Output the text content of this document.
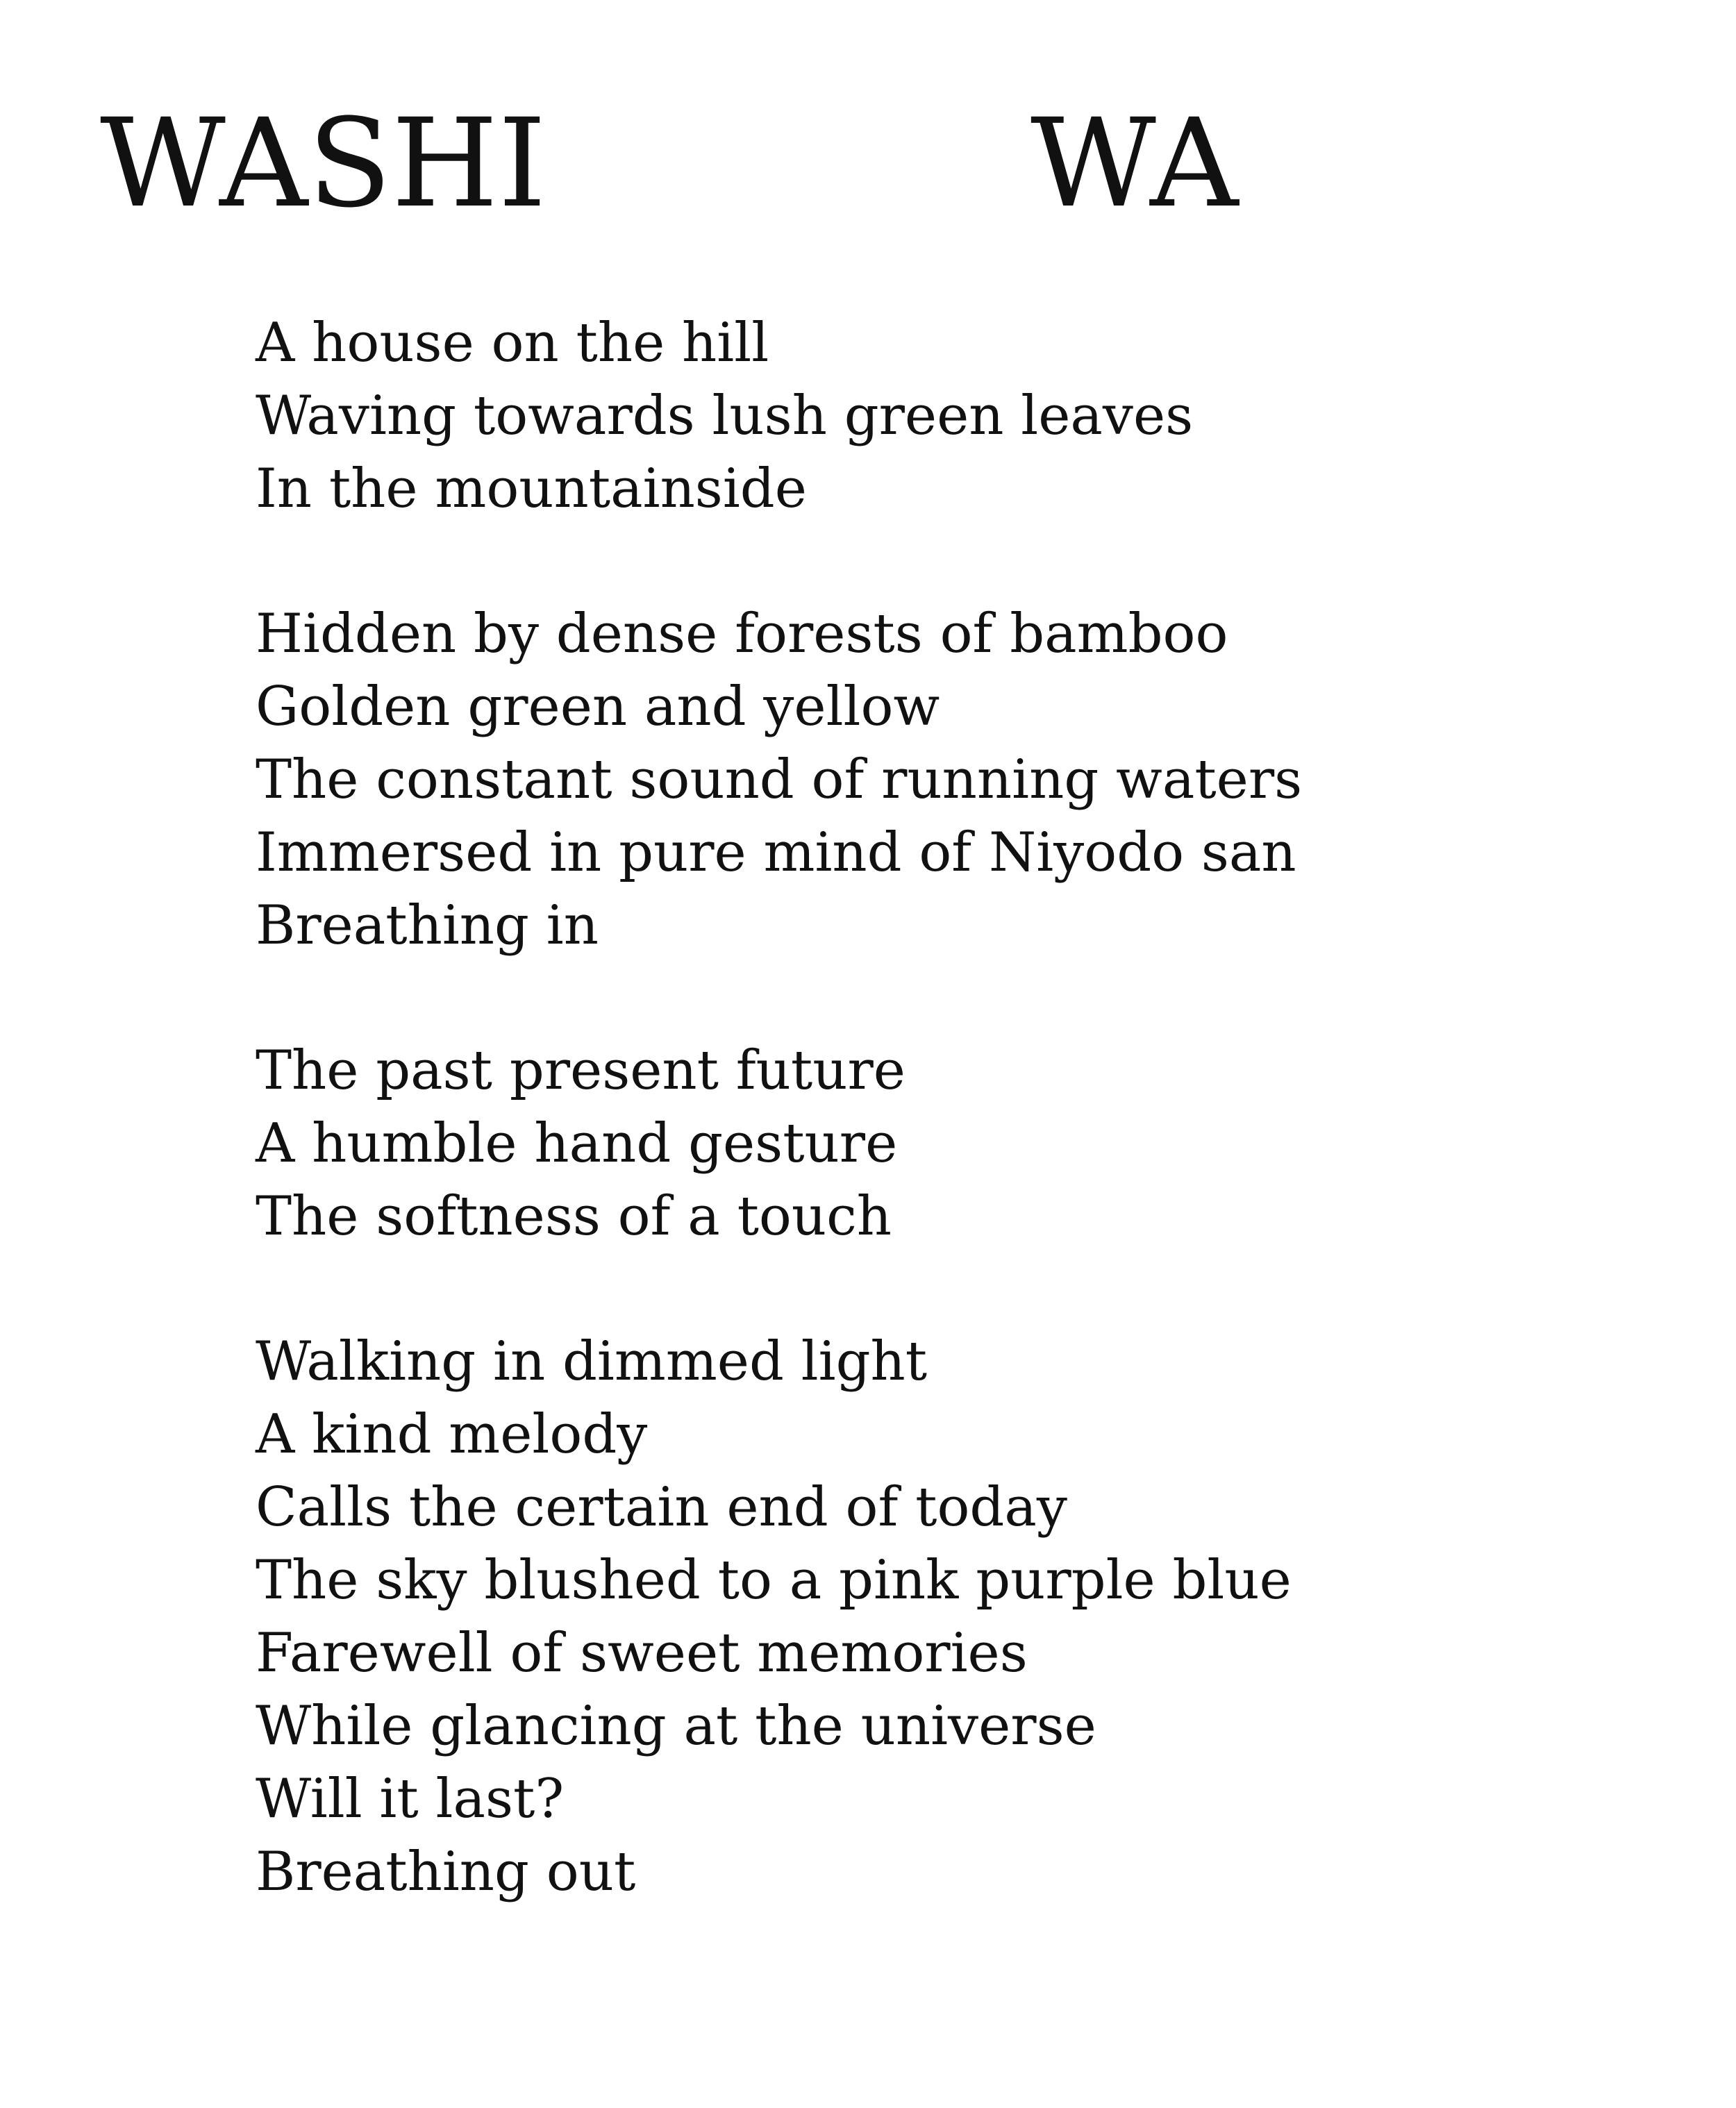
WASHI	WA
A house on the hill
Waving towards lush green leaves
In the mountainside
Hidden by dense forests of bamboo
Golden green and yellow
The constant sound of running waters
Immersed in pure mind of Niyodo san
Breathing in
The past present future
A humble hand gesture
The softness of a touch
Walking in dimmed light
A kind melody
Calls the certain end of today
The sky blushed to a pink purple blue
Farewell of sweet memories
While glancing at the universe
Will it last?
Breathing out
